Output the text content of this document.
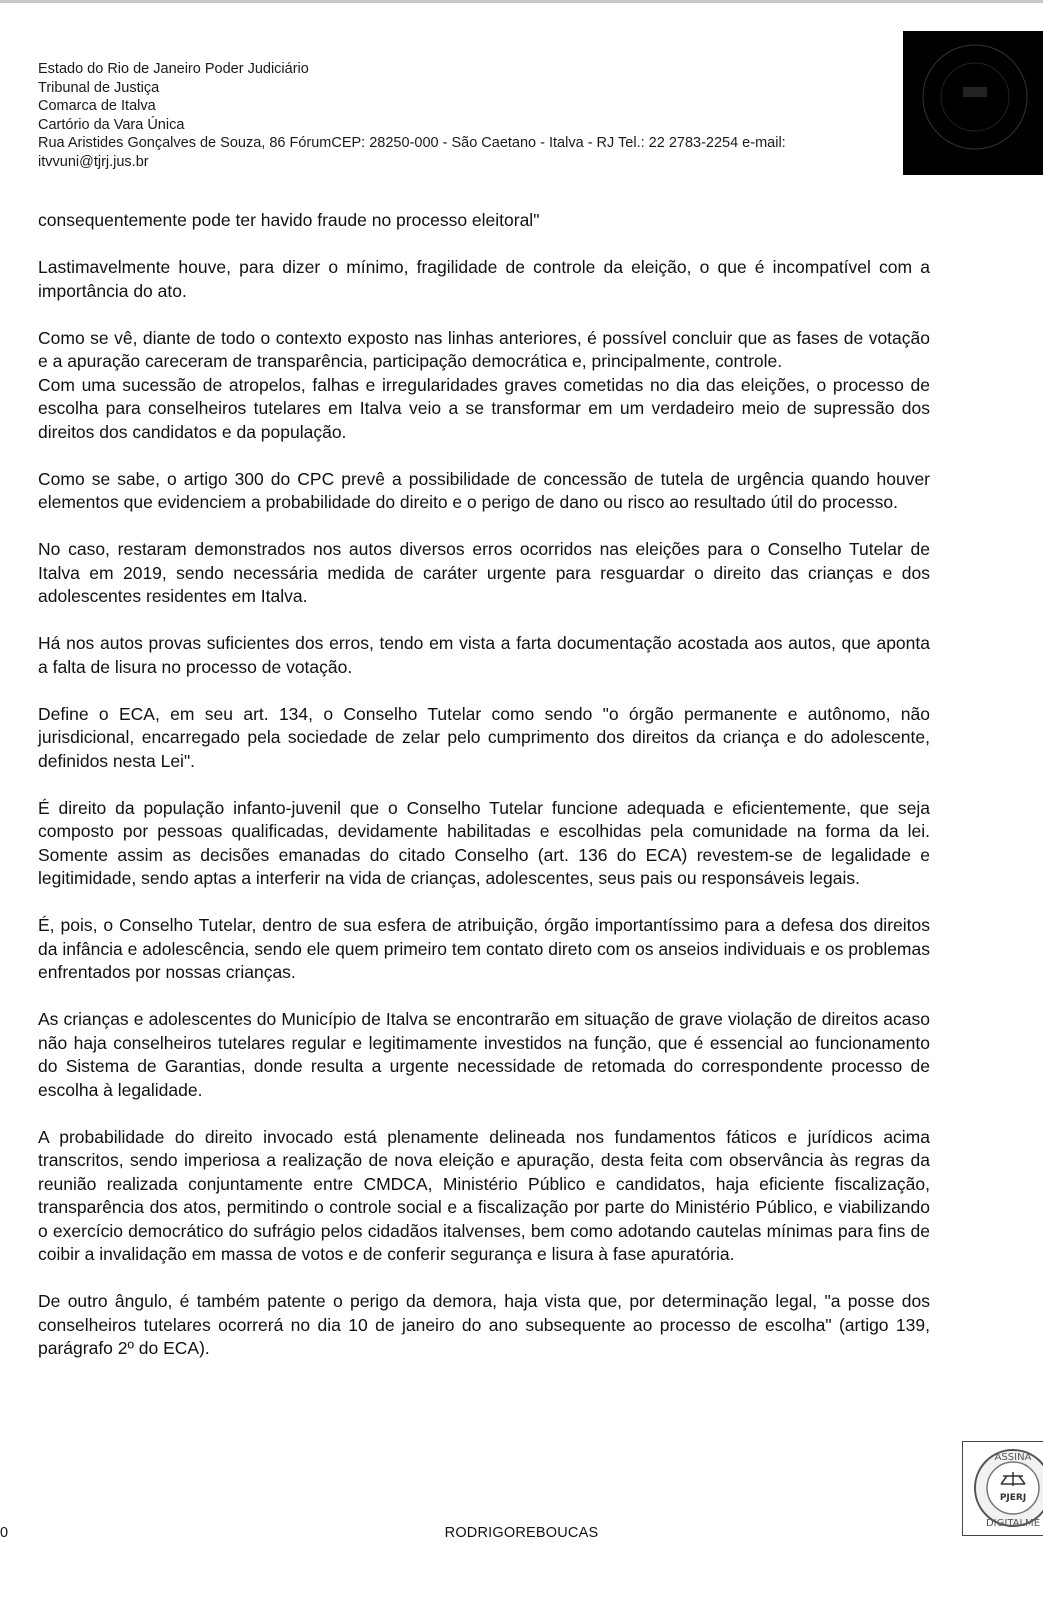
Estado do Rio de Janeiro Poder Judiciário
Tribunal de Justiça
Comarca de Italva
Cartório da Vara Única
Rua Aristides Gonçalves de Souza, 86 FórumCEP: 28250-000 - São Caetano - Italva - RJ Tel.: 22 2783-2254 e-mail:
itvvuni@tjrj.jus.br

consequentemente pode ter havido fraude no processo eleitoral"

Lastimavelmente houve, para dizer o mínimo, fragilidade de controle da eleição, o que é incompatível com a importância do ato.

Como se vê, diante de todo o contexto exposto nas linhas anteriores, é possível concluir que as fases de votação e a apuração careceram de transparência, participação democrática e, principalmente, controle.

Com uma sucessão de atropelos, falhas e irregularidades graves cometidas no dia das eleições, o processo de escolha para conselheiros tutelares em Italva veio a se transformar em um verdadeiro meio de supressão dos direitos dos candidatos e da população.

Como se sabe, o artigo 300 do CPC prevê a possibilidade de concessão de tutela de urgência quando houver elementos que evidenciem a probabilidade do direito e o perigo de dano ou risco ao resultado útil do processo.

No caso, restaram demonstrados nos autos diversos erros ocorridos nas eleições para o Conselho Tutelar de Italva em 2019, sendo necessária medida de caráter urgente para resguardar o direito das crianças e dos adolescentes residentes em Italva.

Há nos autos provas suficientes dos erros, tendo em vista a farta documentação acostada aos autos, que aponta a falta de lisura no processo de votação.

Define o ECA, em seu art. 134, o Conselho Tutelar como sendo "o órgão permanente e autônomo, não jurisdicional, encarregado pela sociedade de zelar pelo cumprimento dos direitos da criança e do adolescente, definidos nesta Lei".

É direito da população infanto-juvenil que o Conselho Tutelar funcione adequada e eficientemente, que seja composto por pessoas qualificadas, devidamente habilitadas e escolhidas pela comunidade na forma da lei. Somente assim as decisões emanadas do citado Conselho (art. 136 do ECA) revestem-se de legalidade e legitimidade, sendo aptas a interferir na vida de crianças, adolescentes, seus pais ou responsáveis legais.

É, pois, o Conselho Tutelar, dentro de sua esfera de atribuição, órgão importantíssimo para a defesa dos direitos da infância e adolescência, sendo ele quem primeiro tem contato direto com os anseios individuais e os problemas enfrentados por nossas crianças.

As crianças e adolescentes do Município de Italva se encontrarão em situação de grave violação de direitos acaso não haja conselheiros tutelares regular e legitimamente investidos na função, que é essencial ao funcionamento do Sistema de Garantias, donde resulta a urgente necessidade de retomada do correspondente processo de escolha à legalidade.

A probabilidade do direito invocado está plenamente delineada nos fundamentos fáticos e jurídicos acima transcritos, sendo imperiosa a realização de nova eleição e apuração, desta feita com observância às regras da reunião realizada conjuntamente entre CMDCA, Ministério Público e candidatos, haja eficiente fiscalização, transparência dos atos, permitindo o controle social e a fiscalização por parte do Ministério Público, e viabilizando o exercício democrático do sufrágio pelos cidadãos italvenses, bem como adotando cautelas mínimas para fins de coibir a invalidação em massa de votos e de conferir segurança e lisura à fase apuratória.

De outro ângulo, é também patente o perigo da demora, haja vista que, por determinação legal, "a posse dos conselheiros tutelares ocorrerá no dia 10 de janeiro do ano subsequente ao processo de escolha" (artigo 139, parágrafo 2º do ECA).

ASSINA
DIGITALME
PJERJ
0	RODRIGOREBOUCAS
